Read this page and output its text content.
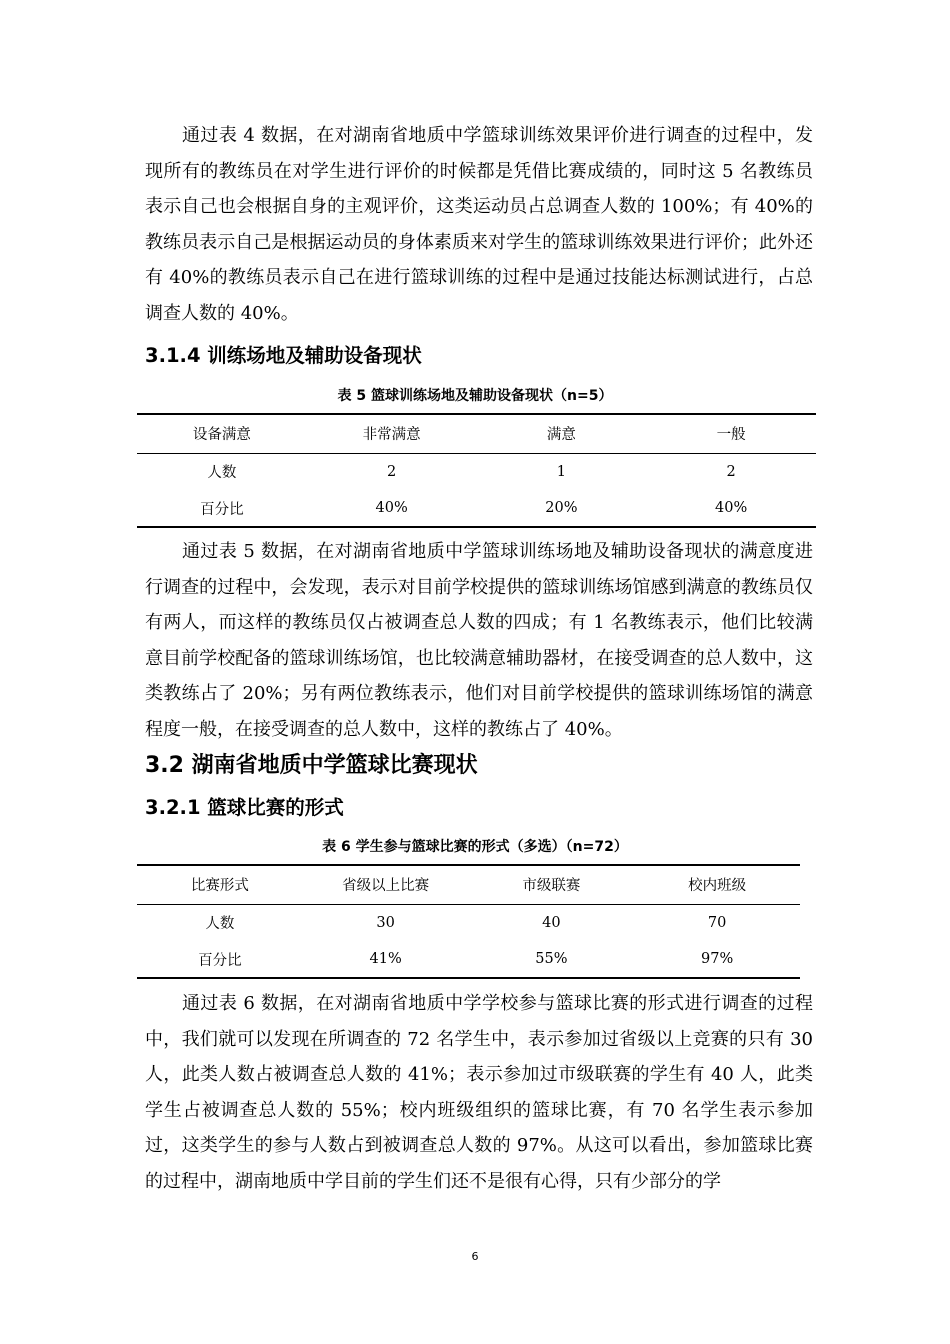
通过表 4 数据，在对湖南省地质中学篮球训练效果评价进行调查的过程中，发现所有的教练员在对学生进行评价的时候都是凭借比赛成绩的，同时这 5 名教练员表示自己也会根据自身的主观评价，这类运动员占总调查人数的 100%；有 40%的教练员表示自己是根据运动员的身体素质来对学生的篮球训练效果进行评价；此外还有 40%的教练员表示自己在进行篮球训练的过程中是通过技能达标测试进行，占总调查人数的 40%。

3.1.4 训练场地及辅助设备现状

表 5 篮球训练场地及辅助设备现状（n=5）

设备满意	非常满意	满意	一般
人数	2	1	2
百分比	40%	20%	40%

通过表 5 数据，在对湖南省地质中学篮球训练场地及辅助设备现状的满意度进行调查的过程中，会发现，表示对目前学校提供的篮球训练场馆感到满意的教练员仅有两人，而这样的教练员仅占被调查总人数的四成；有 1 名教练表示，他们比较满意目前学校配备的篮球训练场馆，也比较满意辅助器材，在接受调查的总人数中，这类教练占了 20%；另有两位教练表示，他们对目前学校提供的篮球训练场馆的满意程度一般，在接受调查的总人数中，这样的教练占了 40%。

3.2 湖南省地质中学篮球比赛现状
3.2.1 篮球比赛的形式

表 6 学生参与篮球比赛的形式（多选）（n=72）

比赛形式	省级以上比赛	市级联赛	校内班级
人数	30	40	70
百分比	41%	55%	97%

通过表 6 数据，在对湖南省地质中学学校参与篮球比赛的形式进行调查的过程中，我们就可以发现在所调查的 72 名学生中，表示参加过省级以上竞赛的只有 30 人，此类人数占被调查总人数的 41%；表示参加过市级联赛的学生有 40 人，此类学生占被调查总人数的 55%；校内班级组织的篮球比赛，有 70 名学生表示参加过，这类学生的参与人数占到被调查总人数的 97%。从这可以看出，参加篮球比赛的过程中，湖南地质中学目前的学生们还不是很有心得，只有少部分的学

6
